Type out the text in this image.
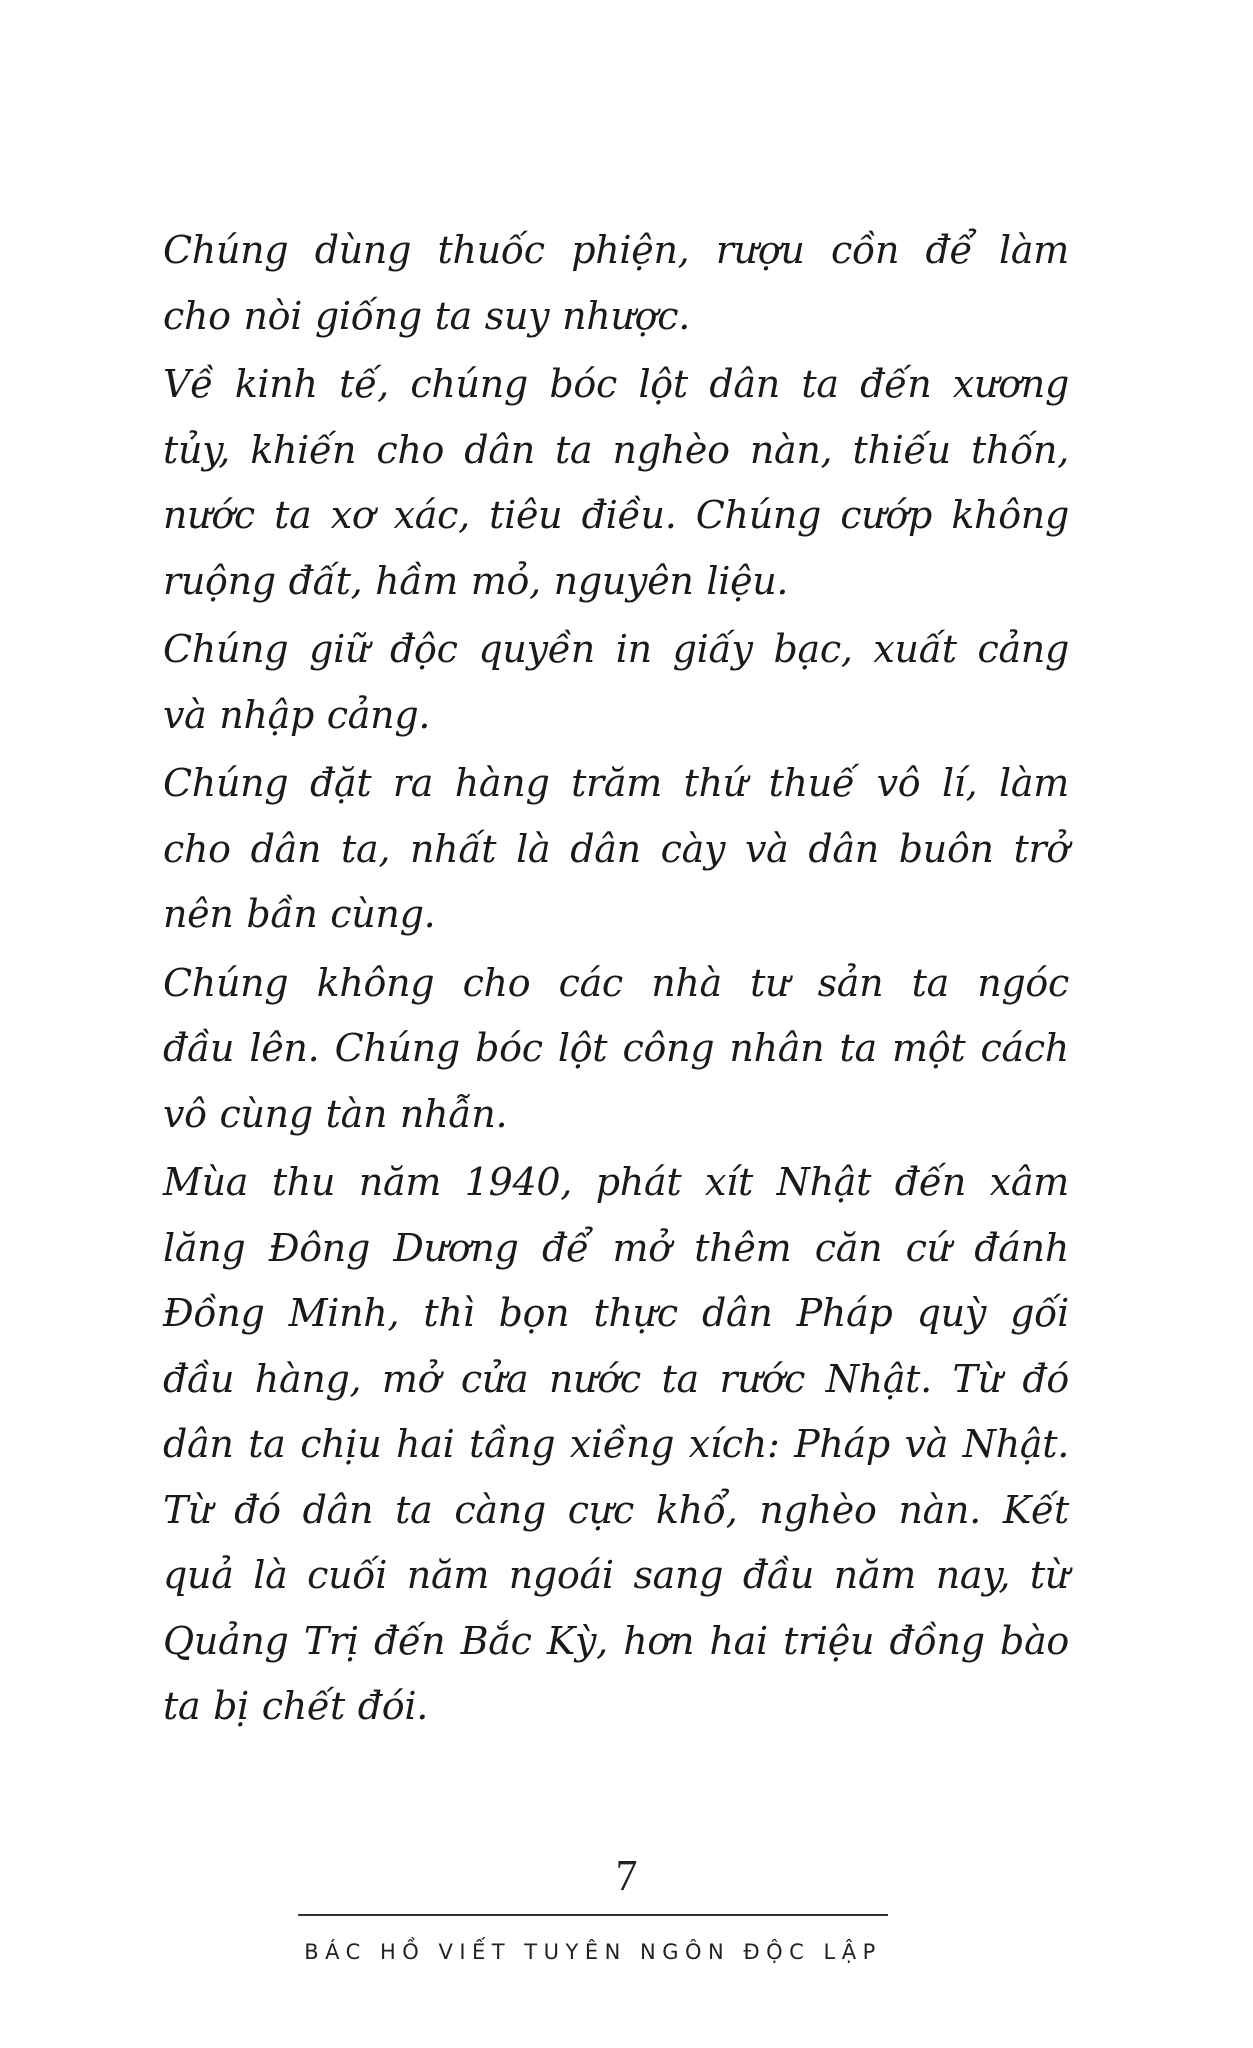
Chúng dùng thuốc phiện, rượu cồn để làm
cho nòi giống ta suy nhược.

Về kinh tế, chúng bóc lột dân ta đến xương
tủy, khiến cho dân ta nghèo nàn, thiếu thốn,
nước ta xơ xác, tiêu điều. Chúng cướp không
ruộng đất, hầm mỏ, nguyên liệu.

Chúng giữ độc quyền in giấy bạc, xuất cảng
và nhập cảng.

Chúng đặt ra hàng trăm thứ thuế vô lí, làm
cho dân ta, nhất là dân cày và dân buôn trở
nên bần cùng.

Chúng không cho các nhà tư sản ta ngóc
đầu lên. Chúng bóc lột công nhân ta một cách
vô cùng tàn nhẫn.

Mùa thu năm 1940, phát xít Nhật đến xâm
lăng Đông Dương để mở thêm căn cứ đánh
Đồng Minh, thì bọn thực dân Pháp quỳ gối
đầu hàng, mở cửa nước ta rước Nhật. Từ đó
dân ta chịu hai tầng xiềng xích: Pháp và Nhật.
Từ đó dân ta càng cực khổ, nghèo nàn. Kết
quả là cuối năm ngoái sang đầu năm nay, từ
Quảng Trị đến Bắc Kỳ, hơn hai triệu đồng bào
ta bị chết đói.

7
BÁC HỒ VIẾT TUYÊN NGÔN ĐỘC LẬP
